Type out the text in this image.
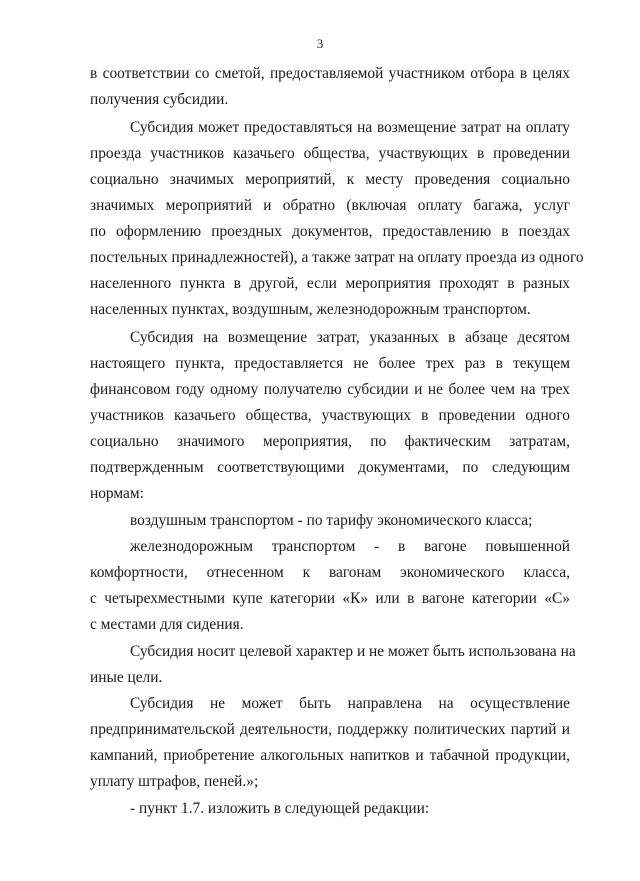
3
в соответствии со сметой, предоставляемой участником отбора в целях
получения субсидии.
Субсидия может предоставляться на возмещение затрат на оплату
проезда участников казачьего общества, участвующих в проведении
социально значимых мероприятий, к месту проведения социально
значимых мероприятий и обратно (включая оплату багажа, услуг
по оформлению проездных документов, предоставлению в поездах
постельных принадлежностей), а также затрат на оплату проезда из одного
населенного пункта в другой, если мероприятия проходят в разных
населенных пунктах, воздушным, железнодорожным транспортом.
Субсидия на возмещение затрат, указанных в абзаце десятом
настоящего пункта, предоставляется не более трех раз в текущем
финансовом году одному получателю субсидии и не более чем на трех
участников казачьего общества, участвующих в проведении одного
социально значимого мероприятия, по фактическим затратам,
подтвержденным соответствующими документами, по следующим
нормам:
воздушным транспортом - по тарифу экономического класса;
железнодорожным транспортом - в вагоне повышенной
комфортности, отнесенном к вагонам экономического класса,
с четырехместными купе категории «К» или в вагоне категории «С»
с местами для сидения.
Субсидия носит целевой характер и не может быть использована на
иные цели.
Субсидия не может быть направлена на осуществление
предпринимательской деятельности, поддержку политических партий и
кампаний, приобретение алкогольных напитков и табачной продукции,
уплату штрафов, пеней.»;
- пункт 1.7. изложить в следующей редакции:
